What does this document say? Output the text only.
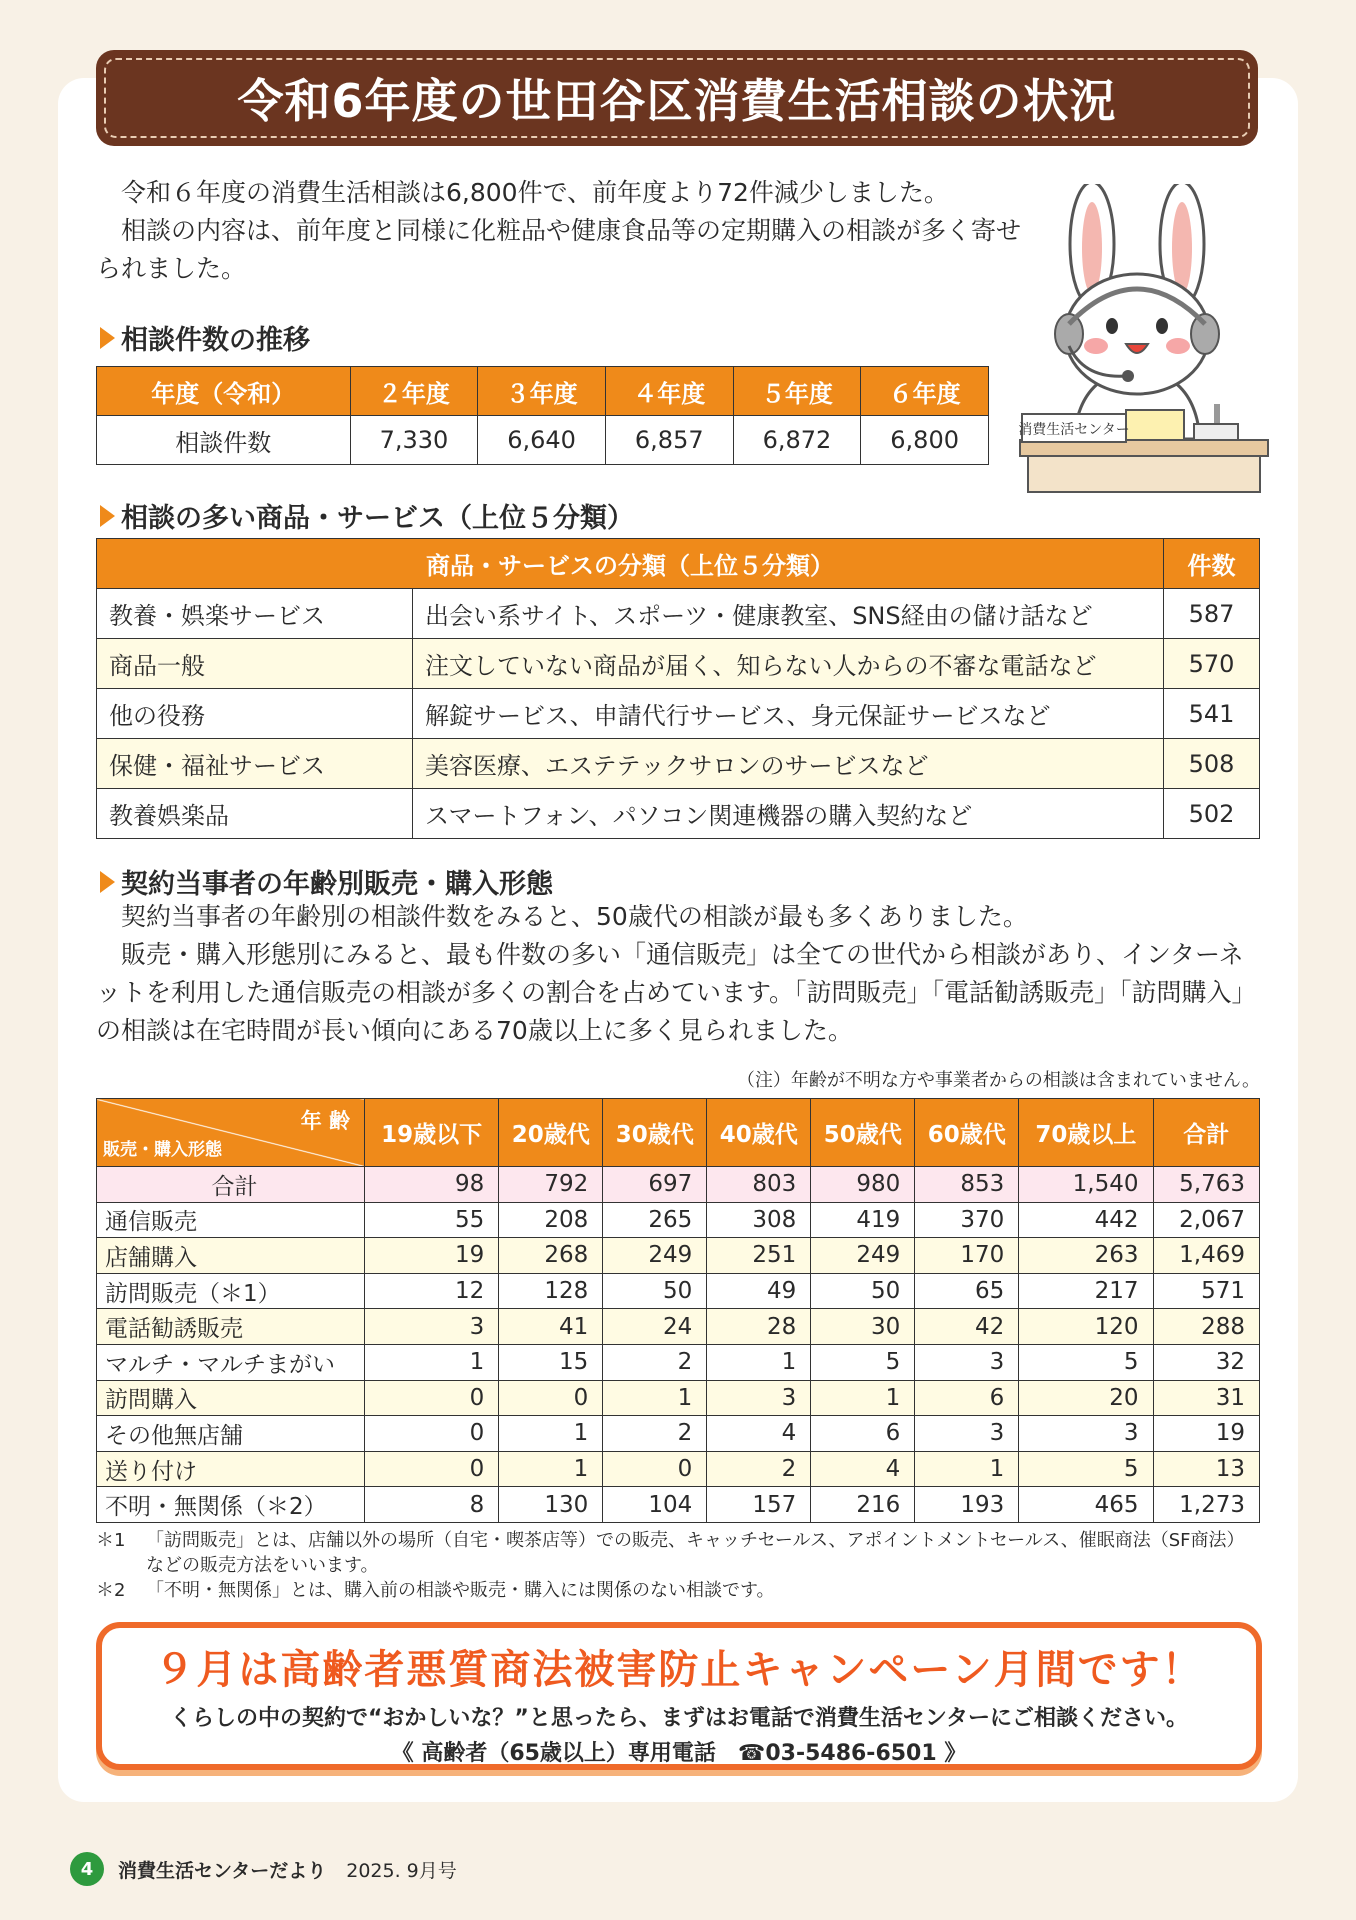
令和6年度の世田谷区消費生活相談の状況

令和６年度の消費生活相談は6,800件で、前年度より72件減少しました。

相談の内容は、前年度と同様に化粧品や健康食品等の定期購入の相談が多く寄せられました。

消費生活センター
相談件数の推移
年度（令和）	２年度	３年度	４年度	５年度	６年度
相談件数	7,330	6,640	6,857	6,872	6,800
相談の多い商品・サービス（上位５分類）
商品・サービスの分類（上位５分類）		件数
教養・娯楽サービス	出会い系サイト、スポーツ・健康教室、SNS経由の儲け話など	587
商品一般	注文していない商品が届く、知らない人からの不審な電話など	570
他の役務	解錠サービス、申請代行サービス、身元保証サービスなど	541
保健・福祉サービス	美容医療、エステテックサロンのサービスなど	508
教養娯楽品	スマートフォン、パソコン関連機器の購入契約など	502
契約当事者の年齢別販売・購入形態

契約当事者の年齢別の相談件数をみると、50歳代の相談が最も多くありました。

販売・購入形態別にみると、最も件数の多い「通信販売」は全ての世代から相談があり、インターネットを利用した通信販売の相談が多くの割合を占めています。「訪問販売」「電話勧誘販売」「訪問購入」の相談は在宅時間が長い傾向にある70歳以上に多く見られました。

（注）年齢が不明な方や事業者からの相談は含まれていません。
年 齢
販売・購入形態	19歳以下	20歳代	30歳代	40歳代	50歳代	60歳代	70歳以上	合計
合計	98	792	697	803	980	853	1,540	5,763
通信販売	55	208	265	308	419	370	442	2,067
店舗購入	19	268	249	251	249	170	263	1,469
訪問販売（＊1）	12	128	50	49	50	65	217	571
電話勧誘販売	3	41	24	28	30	42	120	288
マルチ・マルチまがい	1	15	2	1	5	3	5	32
訪問購入	0	0	1	3	1	6	20	31
その他無店舗	0	1	2	4	6	3	3	19
送り付け	0	1	0	2	4	1	5	13
不明・無関係（＊2）	8	130	104	157	216	193	465	1,273
＊1	「訪問販売」とは、店舗以外の場所（自宅・喫茶店等）での販売、キャッチセールス、アポイントメントセールス、催眠商法（SF商法）などの販売方法をいいます。
＊2	「不明・無関係」とは、購入前の相談や販売・購入には関係のない相談です。
９月は高齢者悪質商法被害防止キャンペーン月間です！
くらしの中の契約で“おかしいな？”と思ったら、まずはお電話で消費生活センターにご相談ください。
《 高齢者（65歳以上）専用電話　☎03-5486-6501 》
4	消費生活センターだより 2025. 9月号
